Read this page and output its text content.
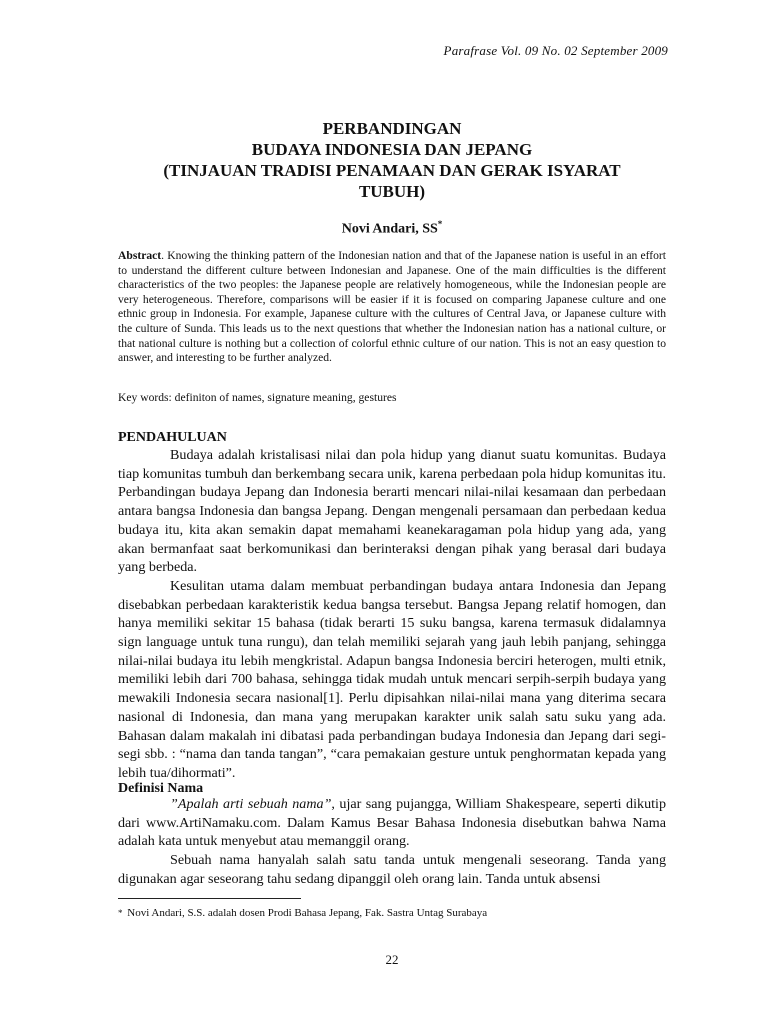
Parafrase Vol. 09 No. 02 September 2009
PERBANDINGAN
BUDAYA INDONESIA DAN JEPANG
(TINJAUAN TRADISI PENAMAAN DAN GERAK ISYARAT
TUBUH)
Novi Andari, SS*
Abstract. Knowing the thinking pattern of the Indonesian nation and that of the Japanese nation is useful in an effort to understand the different culture between Indonesian and Japanese. One of the main difficulties is the different characteristics of the two peoples: the Japanese people are relatively homogeneous, while the Indonesian people are very heterogeneous. Therefore, comparisons will be easier if it is focused on comparing Japanese culture and one ethnic group in Indonesia. For example, Japanese culture with the cultures of Central Java, or Japanese culture with the culture of Sunda. This leads us to the next questions that whether the Indonesian nation has a national culture, or that national culture is nothing but a collection of colorful ethnic culture of our nation. This is not an easy question to answer, and interesting to be further analyzed.
Key words: definiton of names, signature meaning, gestures
PENDAHULUAN

Budaya adalah kristalisasi nilai dan pola hidup yang dianut suatu komunitas. Budaya tiap komunitas tumbuh dan berkembang secara unik, karena perbedaan pola hidup komunitas itu. Perbandingan budaya Jepang dan Indonesia berarti mencari nilai-nilai kesamaan dan perbedaan antara bangsa Indonesia dan bangsa Jepang. Dengan mengenali persamaan dan perbedaan kedua budaya itu, kita akan semakin dapat memahami keanekaragaman pola hidup yang ada, yang akan bermanfaat saat berkomunikasi dan berinteraksi dengan pihak yang berasal dari budaya yang berbeda.

Kesulitan utama dalam membuat perbandingan budaya antara Indonesia dan Jepang disebabkan perbedaan karakteristik kedua bangsa tersebut. Bangsa Jepang relatif homogen, dan hanya memiliki sekitar 15 bahasa (tidak berarti 15 suku bangsa, karena termasuk didalamnya sign language untuk tuna rungu), dan telah memiliki sejarah yang jauh lebih panjang, sehingga nilai-nilai budaya itu lebih mengkristal. Adapun bangsa Indonesia berciri heterogen, multi etnik, memiliki lebih dari 700 bahasa, sehingga tidak mudah untuk mencari serpih-serpih budaya yang mewakili Indonesia secara nasional[1]. Perlu dipisahkan nilai-nilai mana yang diterima secara nasional di Indonesia, dan mana yang merupakan karakter unik salah satu suku yang ada. Bahasan dalam makalah ini dibatasi pada perbandingan budaya Indonesia dan Jepang dari segi-segi sbb. : “nama dan tanda tangan”, “cara pemakaian gesture untuk penghormatan kepada yang lebih tua/dihormati”.

Definisi Nama

”Apalah arti sebuah nama”, ujar sang pujangga, William Shakespeare, seperti dikutip dari www.ArtiNamaku.com. Dalam Kamus Besar Bahasa Indonesia disebutkan bahwa Nama adalah kata untuk menyebut atau memanggil orang.

Sebuah nama hanyalah salah satu tanda untuk mengenali seseorang. Tanda yang digunakan agar seseorang tahu sedang dipanggil oleh orang lain. Tanda untuk absensi

* Novi Andari, S.S. adalah dosen Prodi Bahasa Jepang, Fak. Sastra Untag Surabaya
22
